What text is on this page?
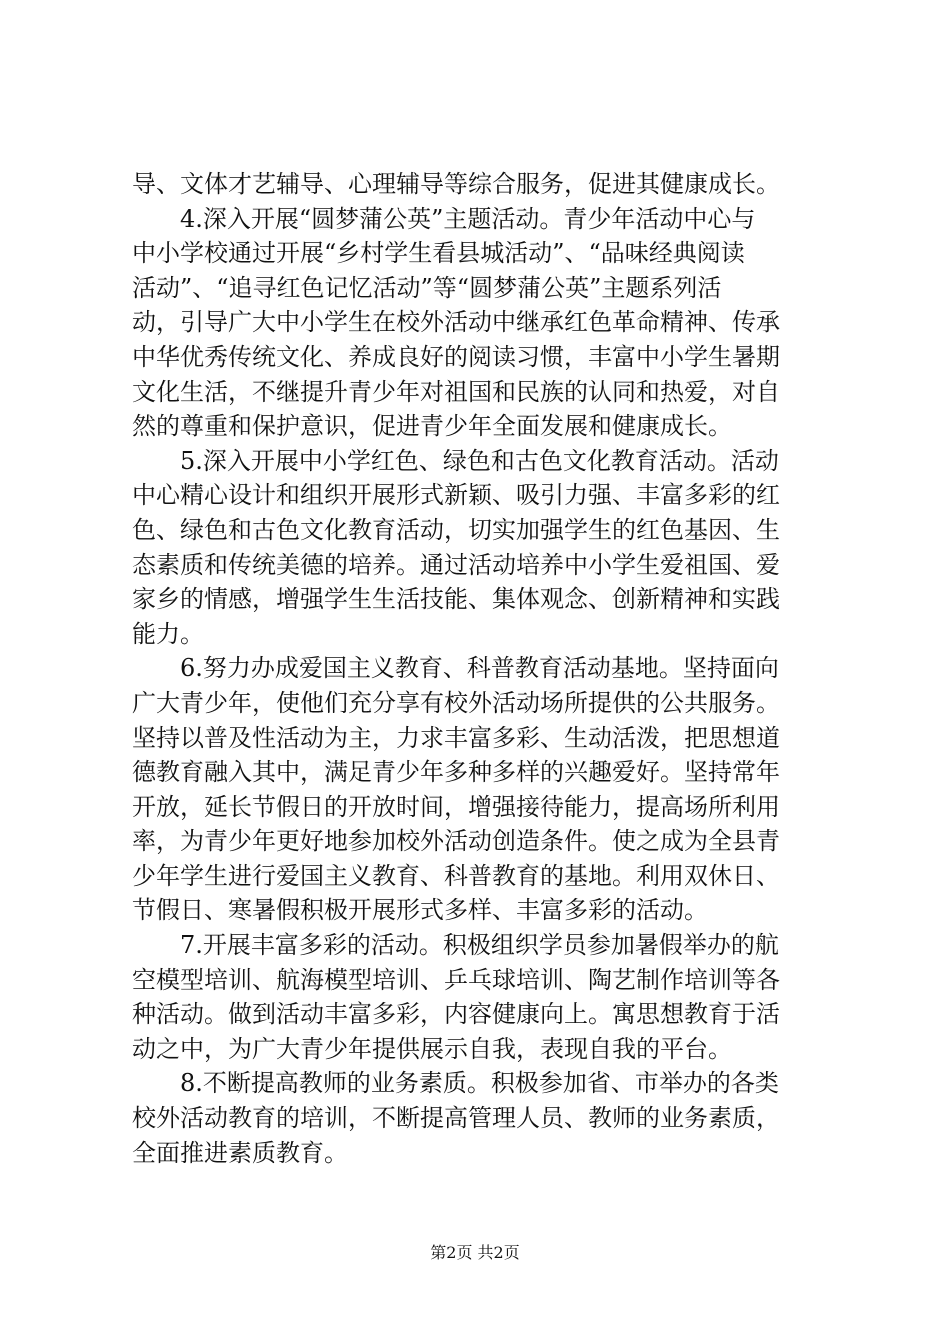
导、文体才艺辅导、心理辅导等综合服务，促进其健康成长。
　　4.深入开展“圆梦蒲公英”主题活动。青少年活动中心与
中小学校通过开展“乡村学生看县城活动”、“品味经典阅读
活动”、“追寻红色记忆活动”等“圆梦蒲公英”主题系列活
动，引导广大中小学生在校外活动中继承红色革命精神、传承
中华优秀传统文化、养成良好的阅读习惯，丰富中小学生暑期
文化生活，不继提升青少年对祖国和民族的认同和热爱，对自
然的尊重和保护意识，促进青少年全面发展和健康成长。
　　5.深入开展中小学红色、绿色和古色文化教育活动。活动
中心精心设计和组织开展形式新颖、吸引力强、丰富多彩的红
色、绿色和古色文化教育活动，切实加强学生的红色基因、生
态素质和传统美德的培养。通过活动培养中小学生爱祖国、爱
家乡的情感，增强学生生活技能、集体观念、创新精神和实践
能力。
　　6.努力办成爱国主义教育、科普教育活动基地。坚持面向
广大青少年，使他们充分享有校外活动场所提供的公共服务。
坚持以普及性活动为主，力求丰富多彩、生动活泼，把思想道
德教育融入其中，满足青少年多种多样的兴趣爱好。坚持常年
开放，延长节假日的开放时间，增强接待能力，提高场所利用
率，为青少年更好地参加校外活动创造条件。使之成为全县青
少年学生进行爱国主义教育、科普教育的基地。利用双休日、
节假日、寒暑假积极开展形式多样、丰富多彩的活动。
　　7.开展丰富多彩的活动。积极组织学员参加暑假举办的航
空模型培训、航海模型培训、乒乓球培训、陶艺制作培训等各
种活动。做到活动丰富多彩，内容健康向上。寓思想教育于活
动之中，为广大青少年提供展示自我，表现自我的平台。
　　8.不断提高教师的业务素质。积极参加省、市举办的各类
校外活动教育的培训，不断提高管理人员、教师的业务素质，
全面推进素质教育。
第2页 共2页
